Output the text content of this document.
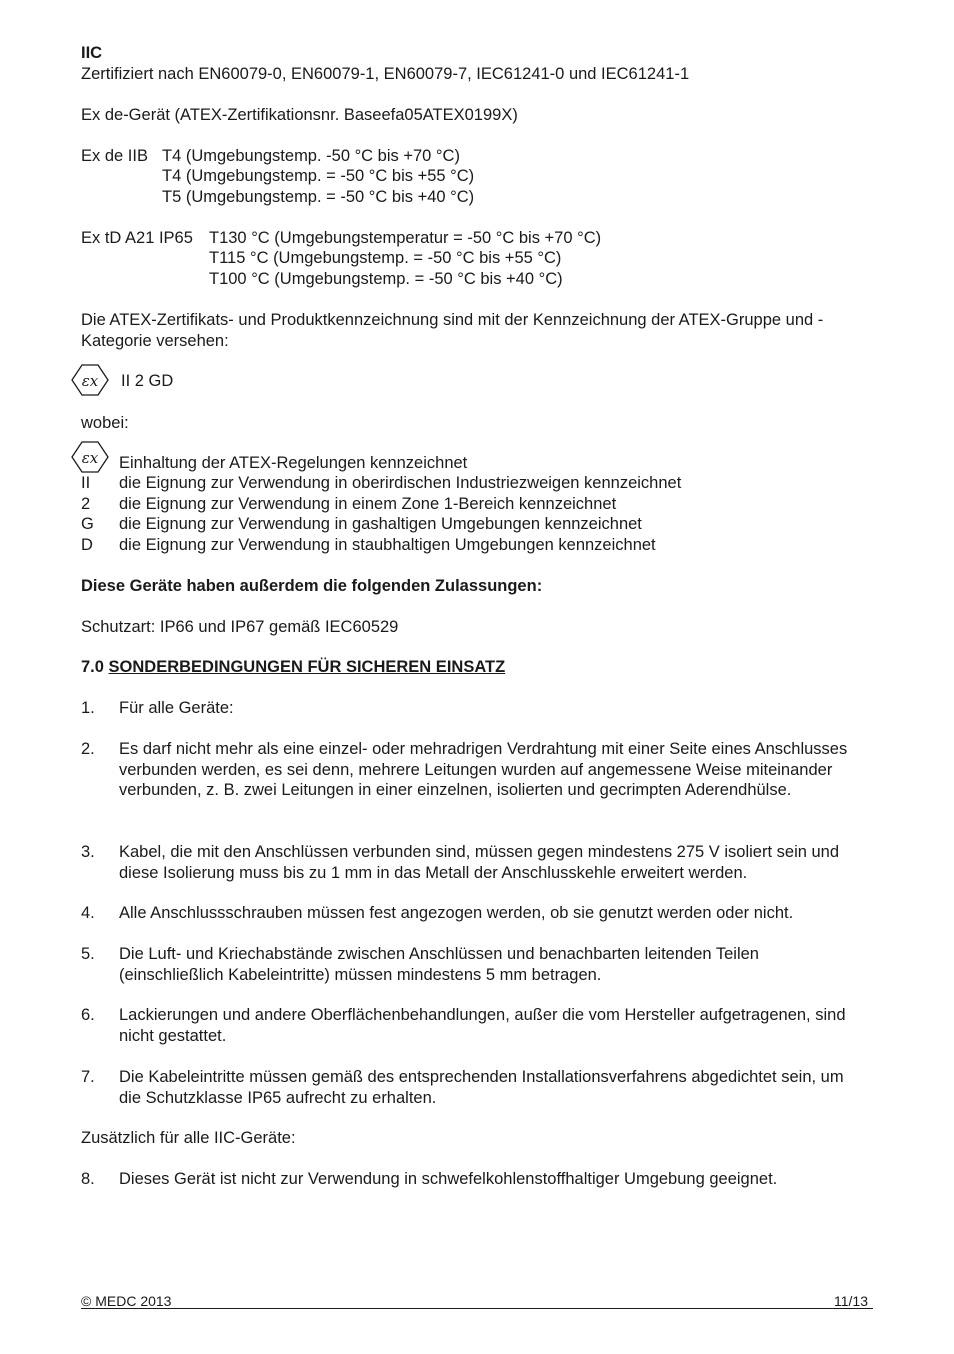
IIC
Zertifiziert nach EN60079-0, EN60079-1, EN60079-7, IEC61241-0 und IEC61241-1
Ex de-Gerät (ATEX-Zertifikationsnr. Baseefa05ATEX0199X)
Ex de IIB T4 (Umgebungstemp. -50 °C bis +70 °C)
T4 (Umgebungstemp. = -50 °C bis +55 °C)
T5 (Umgebungstemp. = -50 °C bis +40 °C)
Ex tD A21 IP65 T130 °C (Umgebungstemperatur = -50 °C bis +70 °C)
T115 °C (Umgebungstemp. = -50 °C bis +55 °C)
T100 °C (Umgebungstemp. = -50 °C bis +40 °C)
Die ATEX-Zertifikats- und Produktkennzeichnung sind mit der Kennzeichnung der ATEX-Gruppe und -Kategorie versehen:
εx II 2 GD
wobei:
εx Einhaltung der ATEX-Regelungen kennzeichnet
II die Eignung zur Verwendung in oberirdischen Industriezweigen kennzeichnet
2 die Eignung zur Verwendung in einem Zone 1-Bereich kennzeichnet
G die Eignung zur Verwendung in gashaltigen Umgebungen kennzeichnet
D die Eignung zur Verwendung in staubhaltigen Umgebungen kennzeichnet
Diese Geräte haben außerdem die folgenden Zulassungen:
Schutzart: IP66 und IP67 gemäß IEC60529
7.0 SONDERBEDINGUNGEN FÜR SICHEREN EINSATZ
1.	Für alle Geräte:
2.	Es darf nicht mehr als eine einzel- oder mehradrigen Verdrahtung mit einer Seite eines Anschlusses verbunden werden, es sei denn, mehrere Leitungen wurden auf angemessene Weise miteinander verbunden, z. B. zwei Leitungen in einer einzelnen, isolierten und gecrimpten Aderendhülse.
3.	Kabel, die mit den Anschlüssen verbunden sind, müssen gegen mindestens 275 V isoliert sein und diese Isolierung muss bis zu 1 mm in das Metall der Anschlusskehle erweitert werden.
4.	Alle Anschlussschrauben müssen fest angezogen werden, ob sie genutzt werden oder nicht.
5.	Die Luft- und Kriechabstände zwischen Anschlüssen und benachbarten leitenden Teilen (einschließlich Kabeleintritte) müssen mindestens 5 mm betragen.
6.	Lackierungen und andere Oberflächenbehandlungen, außer die vom Hersteller aufgetragenen, sind nicht gestattet.
7.	Die Kabeleintritte müssen gemäß des entsprechenden Installationsverfahrens abgedichtet sein, um die Schutzklasse IP65 aufrecht zu erhalten.
Zusätzlich für alle IIC-Geräte:
8.	Dieses Gerät ist nicht zur Verwendung in schwefelkohlenstoffhaltiger Umgebung geeignet.
© MEDC 2013	11/13
